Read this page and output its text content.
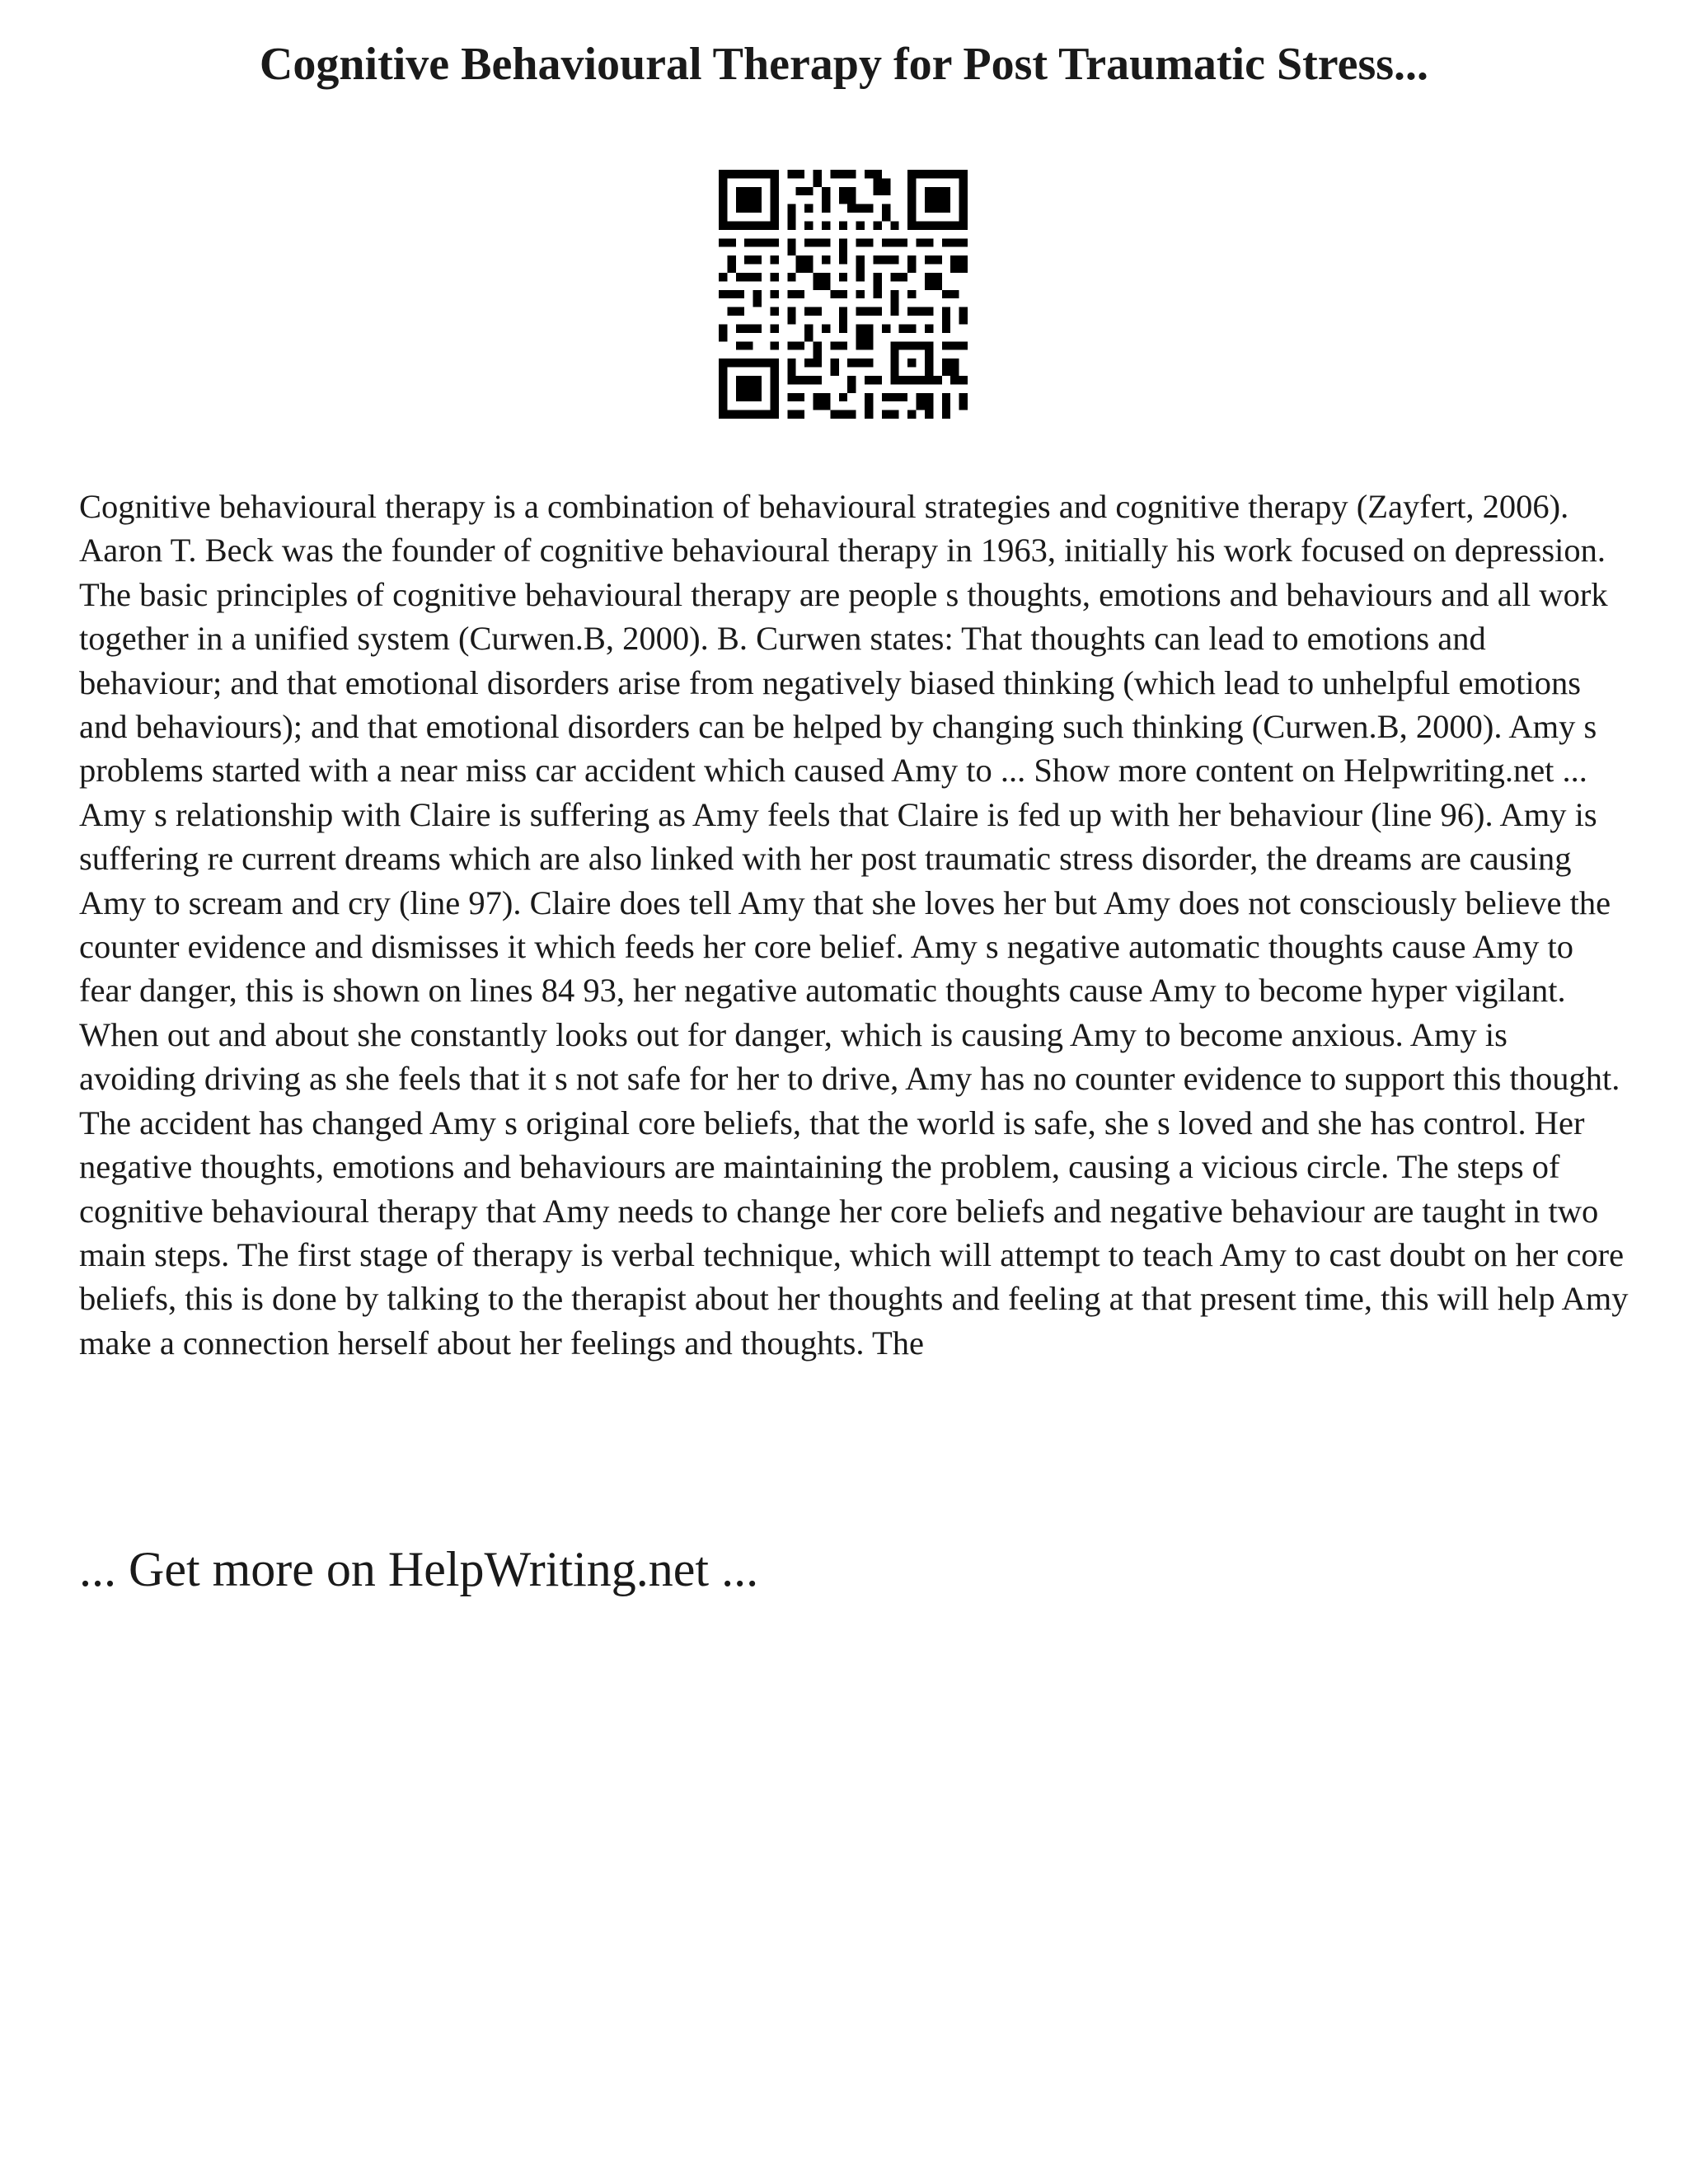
Cognitive Behavioural Therapy for Post Traumatic Stress...

Cognitive behavioural therapy is a combination of behavioural strategies and cognitive therapy (Zayfert, 2006). Aaron T. Beck was the founder of cognitive behavioural therapy in 1963, initially his work focused on depression. The basic principles of cognitive behavioural therapy are people s thoughts, emotions and behaviours and all work together in a unified system (Curwen.B, 2000). B. Curwen states: That thoughts can lead to emotions and behaviour; and that emotional disorders arise from negatively biased thinking (which lead to unhelpful emotions and behaviours); and that emotional disorders can be helped by changing such thinking (Curwen.B, 2000). Amy s problems started with a near miss car accident which caused Amy to ... Show more content on Helpwriting.net ...

Amy s relationship with Claire is suffering as Amy feels that Claire is fed up with her behaviour (line 96). Amy is suffering re current dreams which are also linked with her post traumatic stress disorder, the dreams are causing Amy to scream and cry (line 97). Claire does tell Amy that she loves her but Amy does not consciously believe the counter evidence and dismisses it which feeds her core belief. Amy s negative automatic thoughts cause Amy to fear danger, this is shown on lines 84 93, her negative automatic thoughts cause Amy to become hyper vigilant. When out and about she constantly looks out for danger, which is causing Amy to become anxious. Amy is avoiding driving as she feels that it s not safe for her to drive, Amy has no counter evidence to support this thought. The accident has changed Amy s original core beliefs, that the world is safe, she s loved and she has control. Her negative thoughts, emotions and behaviours are maintaining the problem, causing a vicious circle. The steps of cognitive behavioural therapy that Amy needs to change her core beliefs and negative behaviour are taught in two main steps. The first stage of therapy is verbal technique, which will attempt to teach Amy to cast doubt on her core beliefs, this is done by talking to the therapist about her thoughts and feeling at that present time, this will help Amy make a connection herself about her feelings and thoughts. The

... Get more on HelpWriting.net ...
